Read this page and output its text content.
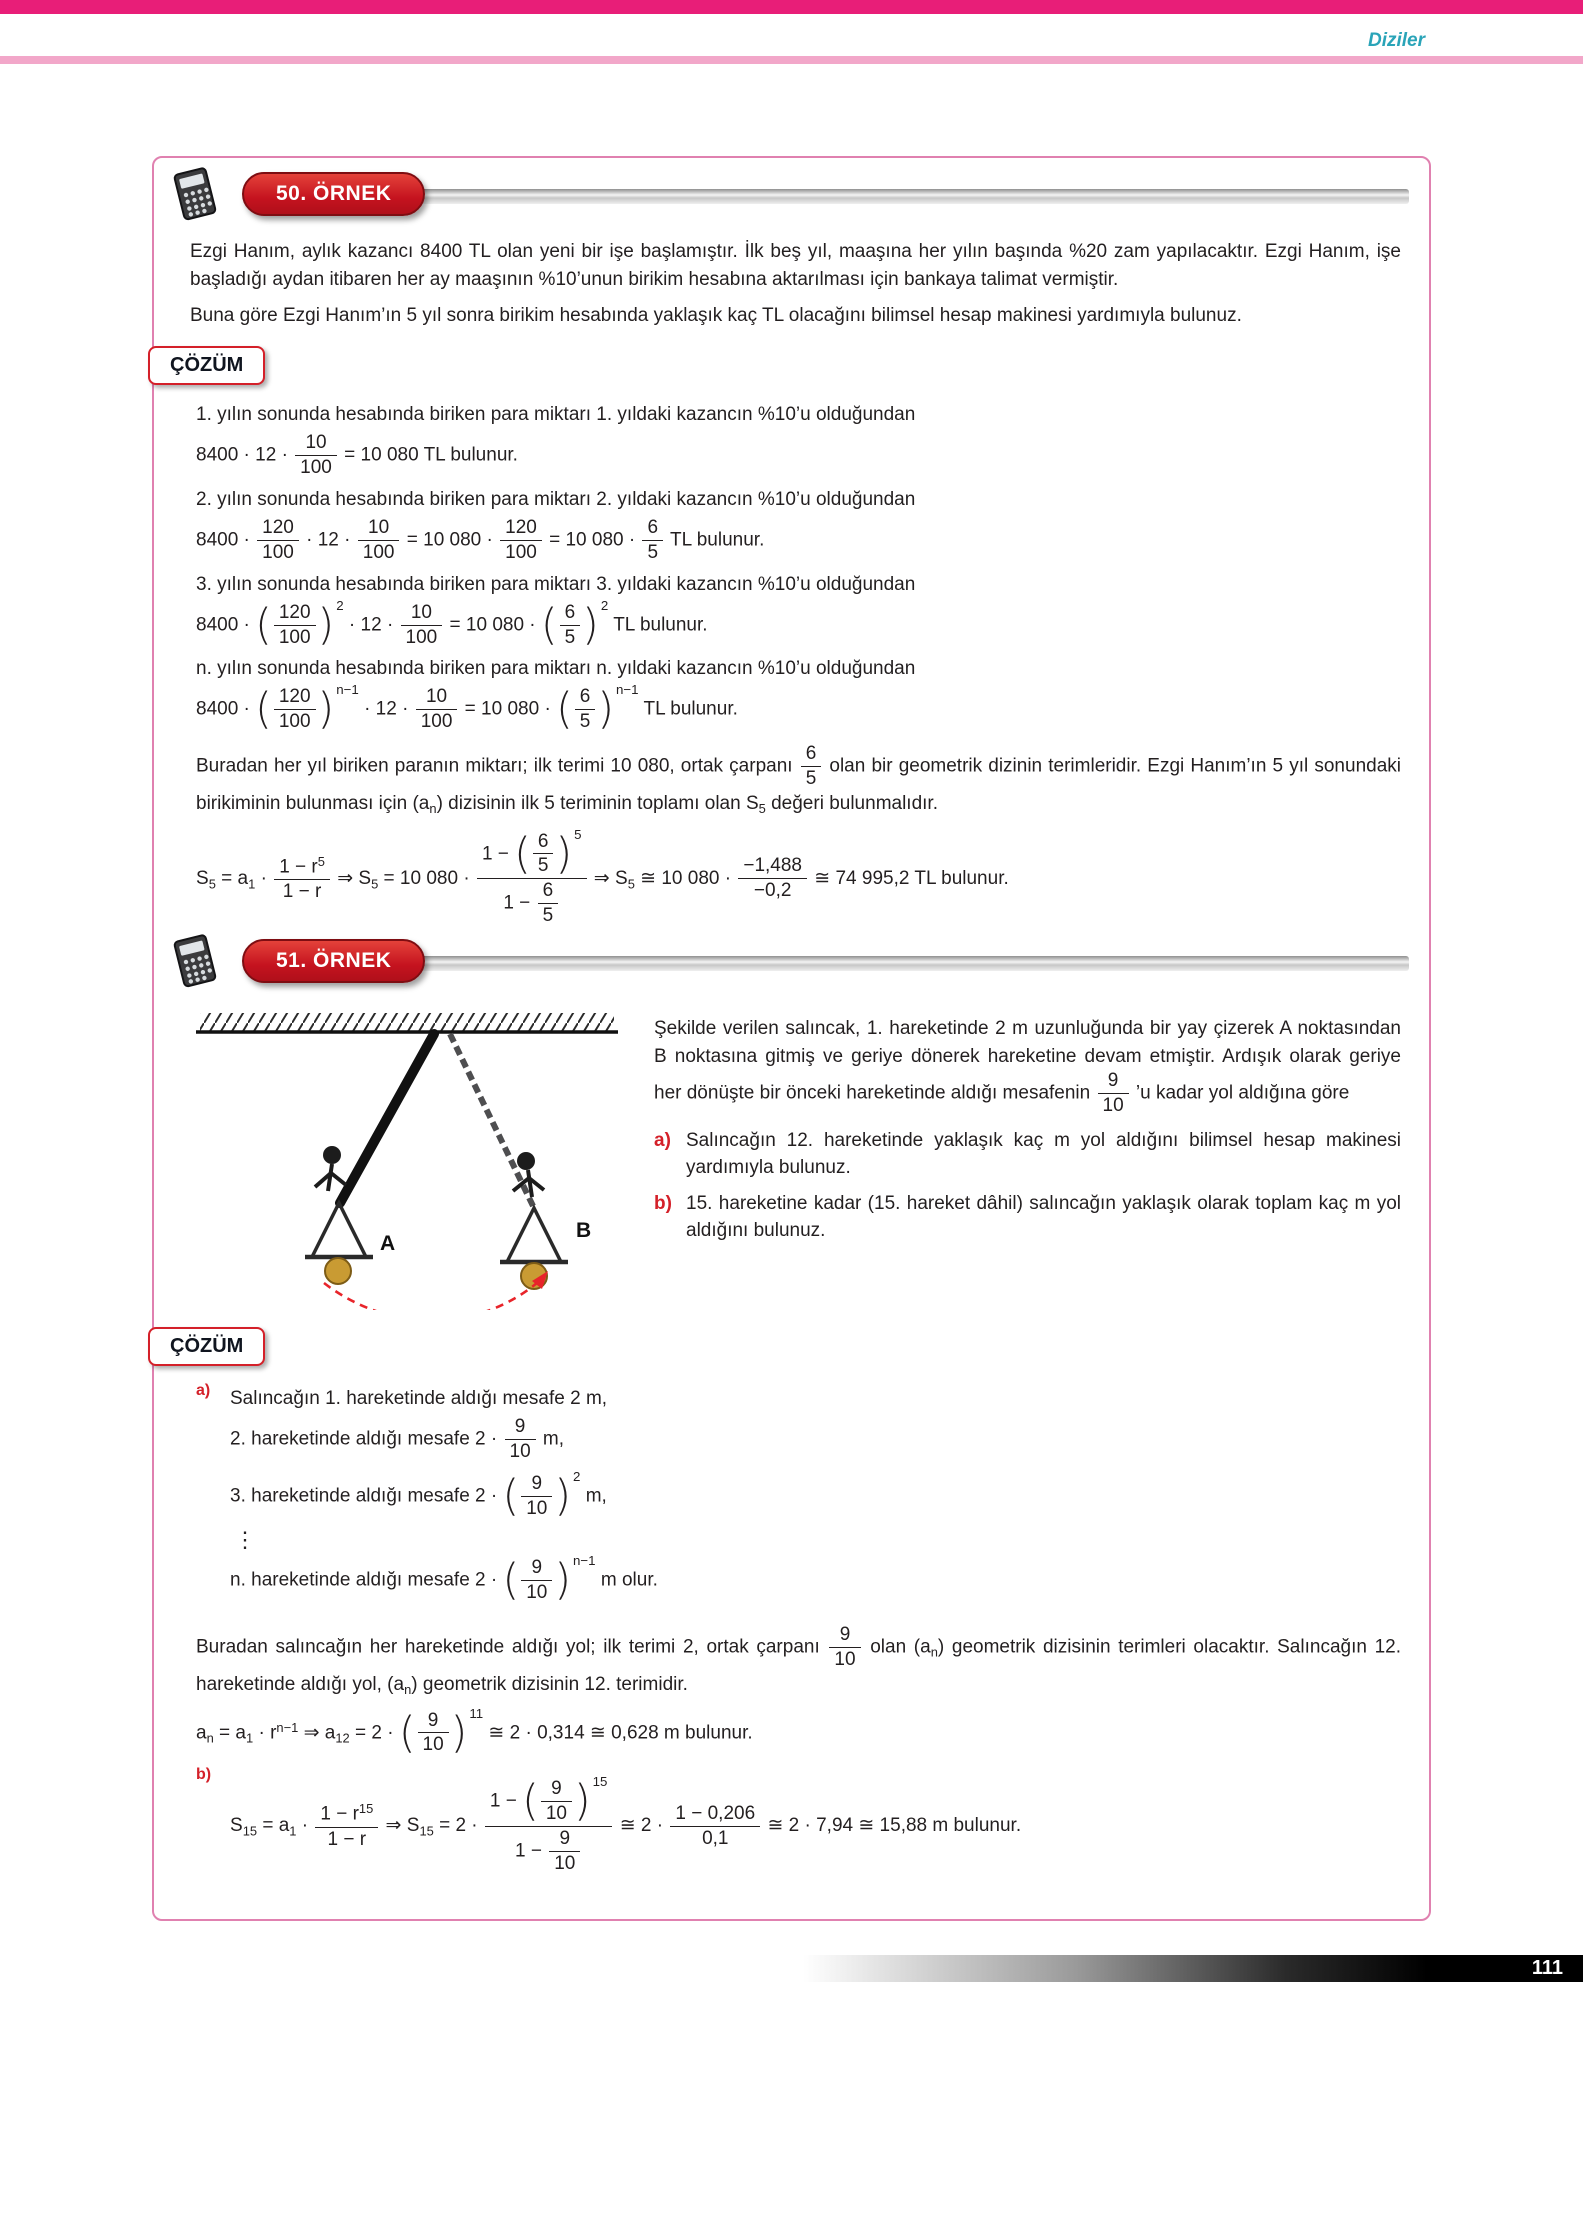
Diziler
50. ÖRNEK

Ezgi Hanım, aylık kazancı 8400 TL olan yeni bir işe başlamıştır. İlk beş yıl, maaşına her yılın başında %20 zam yapılacaktır. Ezgi Hanım, işe başladığı aydan itibaren her ay maaşının %10’unun birikim hesabına aktarılması için bankaya talimat vermiştir.

Buna göre Ezgi Hanım’ın 5 yıl sonra birikim hesabında yaklaşık kaç TL olacağını bilimsel hesap makinesi yardımıyla bulunuz.

ÇÖZÜM

1. yılın sonunda hesabında biriken para miktarı 1. yıldaki kazancın %10’u olduğundan

$8400 \cdot 12 \cdot \frac{10}{100} = 10$ 080 TL bulunur.

2. yılın sonunda hesabında biriken para miktarı 2. yıldaki kazancın %10’u olduğundan

$8400 \cdot \frac{120}{100} \cdot 12 \cdot \frac{10}{100} = 10$ $080 \cdot \frac{120}{100} = 10$ $080 \cdot \frac{6}{5}$ TL bulunur.

3. yılın sonunda hesabında biriken para miktarı 3. yıldaki kazancın %10’u olduğundan

8400 · ( $\frac{120}{100}$ ) 2
· $12 \cdot \frac{10}{100} = 10$ 080 · ( $\frac{6}{5}$ ) 2
TL bulunur.

n. yılın sonunda hesabında biriken para miktarı n. yıldaki kazancın %10’u olduğundan

8400 · ( $\frac{120}{100}$ ) n−1
· $12 \cdot \frac{10}{100} = 10$ 080 · ( $\frac{6}{5}$ ) n−1
TL bulunur.
Buradan her yıl biriken paranın miktarı; ilk terimi 10 080, ortak çarpanı $\frac{6}{5}$ olan bir geometrik dizinin terimleridir. Ezgi Hanım’ın 5 yıl sonundaki birikiminin bulunması için $(a_n)$ dizisinin ilk 5 teriminin toplamı olan $S_5$ değeri bulunmalıdır.
$S_5 = a_1 \cdot \frac{1 - r^5}{1 - r}$ ⇒ $S_5 = 10$ $080 \cdot \frac{1 - ( \frac{6}{5} ) 5}{1 - \frac{6}{5}}$ ⇒ $S_5$ ≅ 10 $080 \cdot \frac{-1,488}{-0,2}$ ≅ 74 995,2 TL bulunur.
51. ÖRNEK
A
B
Şekilde verilen salıncak, 1. hareketinde 2 m uzunluğunda bir yay çizerek A noktasından B noktasına gitmiş ve geriye dönerek hareketine devam etmiştir. Ardışık olarak geriye her dönüşte bir önceki hareketinde aldığı mesafenin $\frac{9}{10}$ ’u kadar yol aldığına göre
a) Salıncağın 12. hareketinde yaklaşık kaç m yol aldığını bilimsel hesap makinesi yardımıyla bulunuz.
b) 15. hareketine kadar (15. hareket dâhil) salıncağın yaklaşık olarak toplam kaç m yol aldığını bulunuz.
ÇÖZÜM
a)	Salıncağın 1. hareketinde aldığı mesafe 2 m,
2. hareketinde aldığı mesafe $2 \cdot \frac{9}{10} m$,
3. hareketinde aldığı mesafe 2 · ( $\frac{9}{10}$ ) 2
m,
⋮
n. hareketinde aldığı mesafe 2 · ( $\frac{9}{10}$ ) n−1
m olur.
Buradan salıncağın her hareketinde aldığı yol; ilk terimi 2, ortak çarpanı $\frac{9}{10}$ olan $(a_n)$ geometrik dizisinin terimleri olacaktır. Salıncağın 12. hareketinde aldığı yol, $(a_n)$ geometrik dizisinin 12. terimidir.
$a_n = a_1 \cdot r^{n-1}$ ⇒ $a_{12} = 2$ · ( $\frac{9}{10}$ ) 11
≅ 2 · 0,314 ≅ 0,628 m bulunur.
b)
$S_{15} = a_1 \cdot \frac{1 - r^{15}}{1 - r}$ ⇒ $S_{15} = 2 \cdot \frac{1 - ( \frac{9}{10} ) 15}{1 - \frac{9}{10}}$ ≅ $2 \cdot \frac{1 - 0,206}{0,1}$ ≅ 2 · 7,94 ≅ 15,88 m bulunur.
111
